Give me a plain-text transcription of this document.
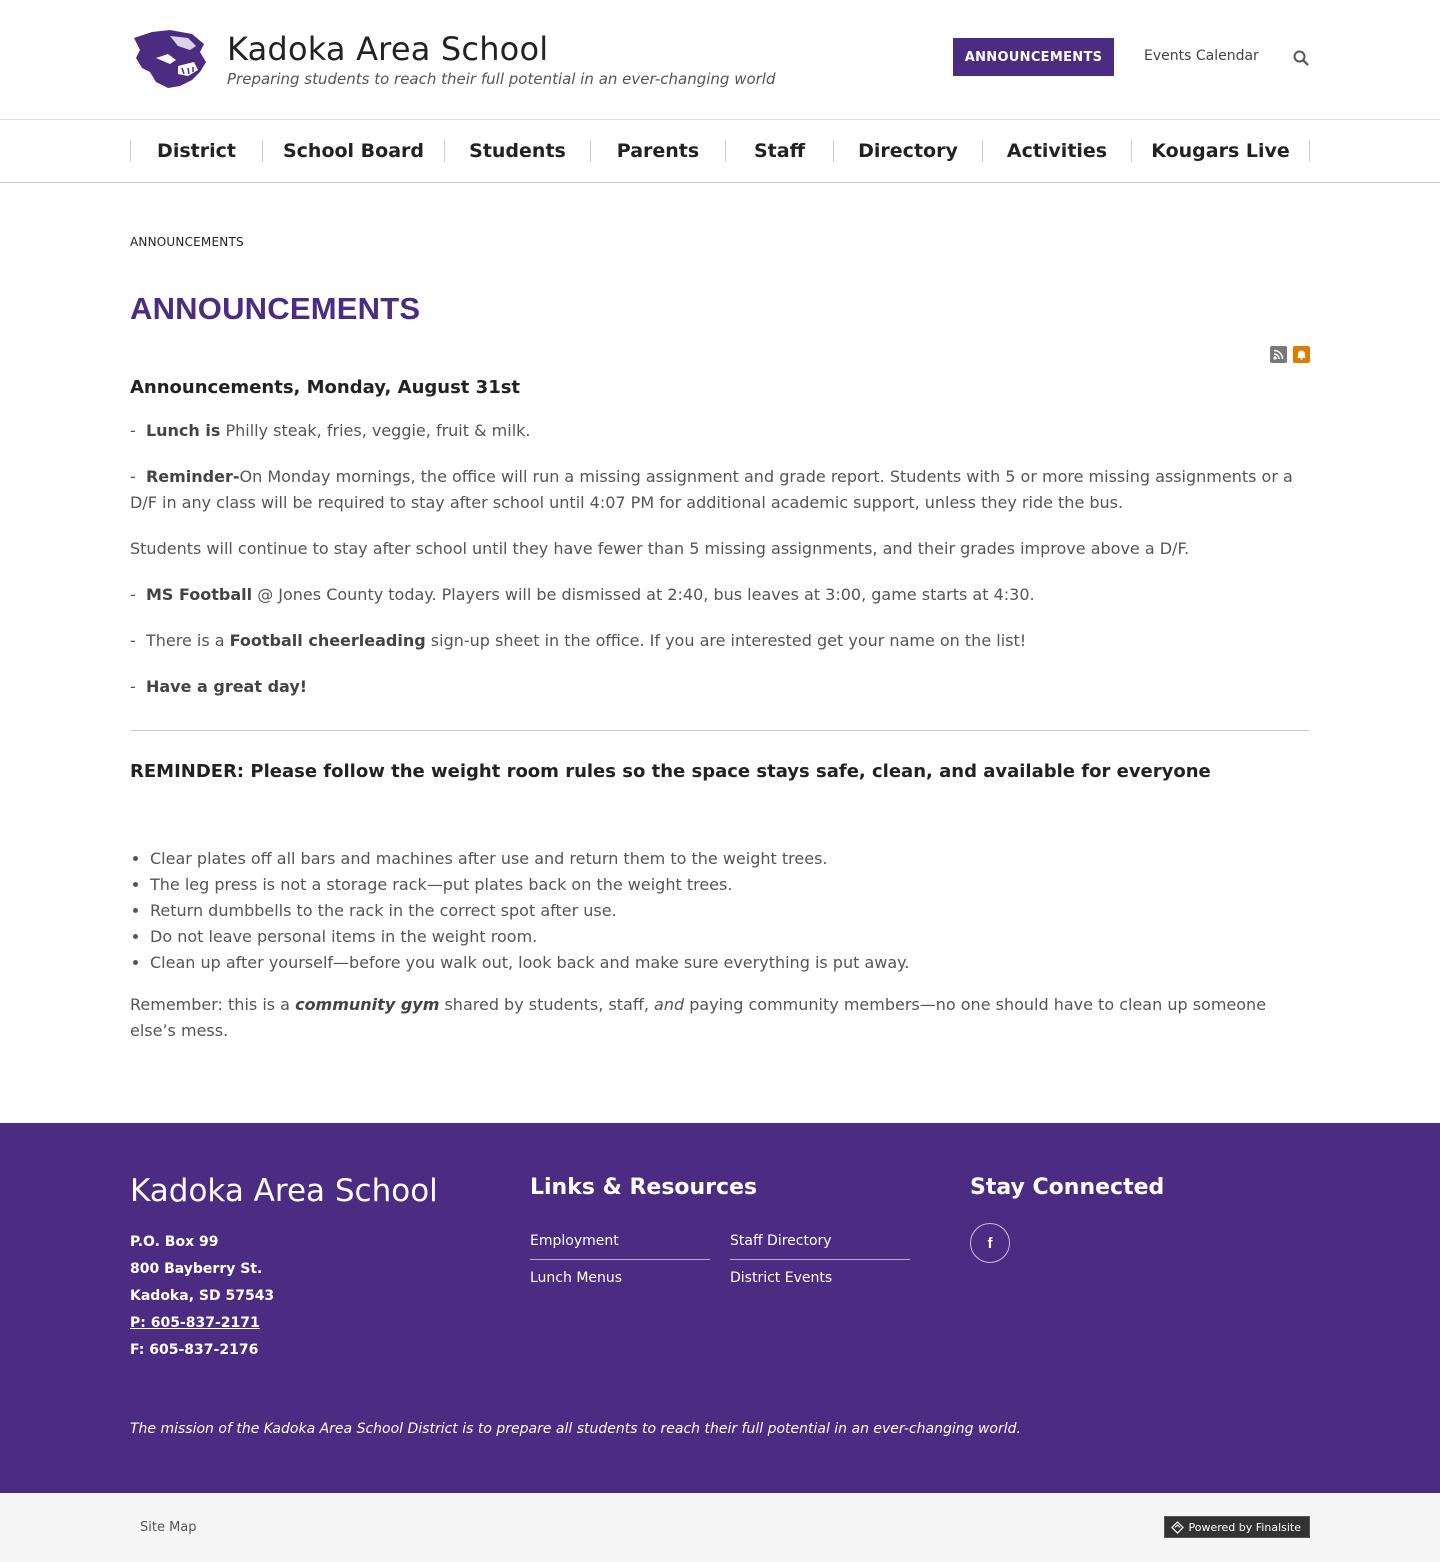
Kadoka Area School
Preparing students to reach their full potential in an ever-changing world
ANNOUNCEMENTS	Events Calendar
District	School Board	Students	Parents	Staff	Directory	Activities	Kougars Live
ANNOUNCEMENTS
ANNOUNCEMENTS
Announcements, Monday, August 31st

-  Lunch is Philly steak, fries, veggie, fruit & milk.

-  Reminder-On Monday mornings, the office will run a missing assignment and grade report. Students with 5 or more missing assignments or a D/F in any class will be required to stay after school until 4:07 PM for additional academic support, unless they ride the bus.

Students will continue to stay after school until they have fewer than 5 missing assignments, and their grades improve above a D/F.

-  MS Football @ Jones County today. Players will be dismissed at 2:40, bus leaves at 3:00, game starts at 4:30.

-  There is a Football cheerleading sign-up sheet in the office. If you are interested get your name on the list!

-  Have a great day!

REMINDER: Please follow the weight room rules so the space stays safe, clean, and available for everyone
• Clear plates off all bars and machines after use and return them to the weight trees.
• The leg press is not a storage rack—put plates back on the weight trees.
• Return dumbbells to the rack in the correct spot after use.
• Do not leave personal items in the weight room.
• Clean up after yourself—before you walk out, look back and make sure everything is put away.

Remember: this is a community gym shared by students, staff, and paying community members—no one should have to clean up someone else’s mess.

Kadoka Area School
P.O. Box 99
800 Bayberry St.
Kadoka, SD 57543
P: 605-837-2171
F: 605-837-2176
Links & Resources
Employment	Staff Directory
Lunch Menus	District Events
Stay Connected
f
The mission of the Kadoka Area School District is to prepare all students to reach their full potential in an ever-changing world.
Site Map	Powered by Finalsite
